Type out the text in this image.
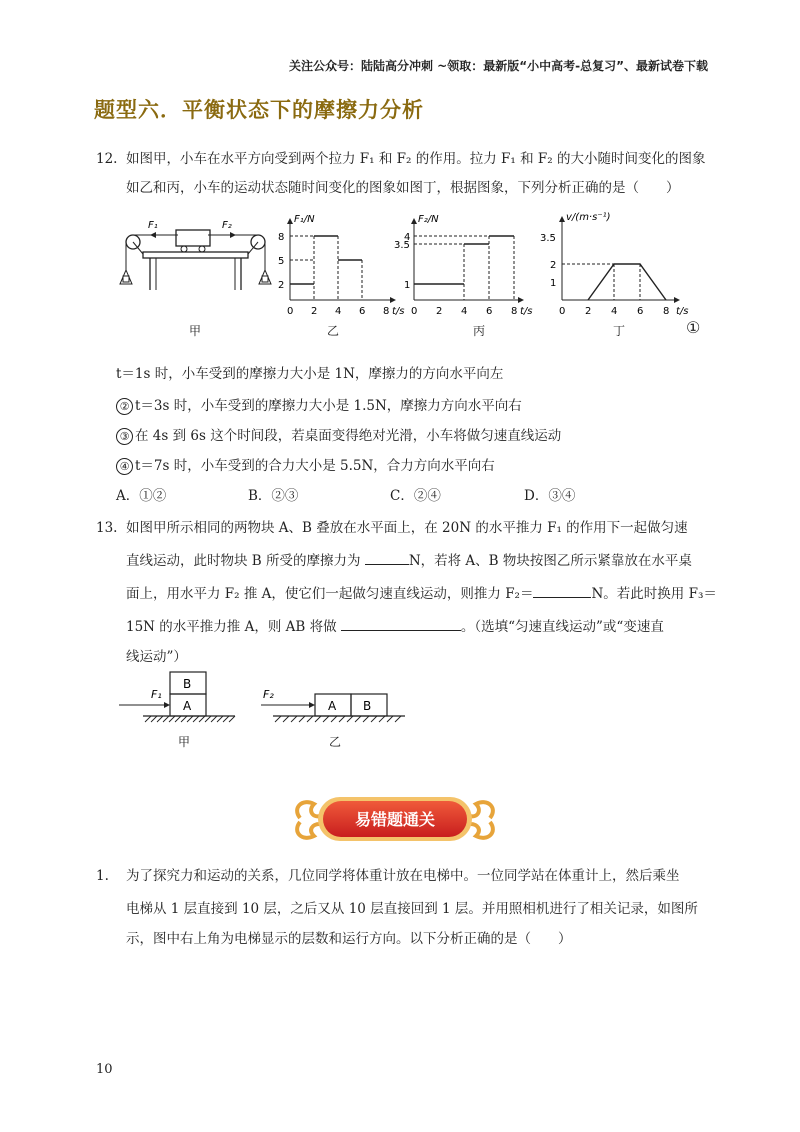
关注公众号：陆陆高分冲刺 ~领取：最新版“小中高考-总复习”、最新试卷下载
题型六．平衡状态下的摩擦力分析
12. 如图甲，小车在水平方向受到两个拉力 F₁ 和 F₂ 的作用。拉力 F₁ 和 F₂ 的大小随时间变化的图象
如乙和丙，小车的运动状态随时间变化的图象如图丁，根据图象，下列分析正确的是（　　）
F₁	F₂
甲
F₁/N
t/s
0 2 4 6 8
8
5
2
乙
F₂/N
t/s
0 2 4 6 8
4
3.5
1
丙
v/(m·s⁻¹)
t/s
0 2 4 6 8
3.5
2
1
丁	①
t＝1s 时，小车受到的摩擦力大小是 1N，摩擦力的方向水平向左
② t＝3s 时，小车受到的摩擦力大小是 1.5N，摩擦力方向水平向右
③ 在 4s 到 6s 这个时间段，若桌面变得绝对光滑，小车将做匀速直线运动
④ t＝7s 时，小车受到的合力大小是 5.5N，合力方向水平向右
A．①②	B．②③	C．②④	D．③④
13. 如图甲所示相同的两物块 A、B 叠放在水平面上，在 20N 的水平推力 F₁ 的作用下一起做匀速
直线运动，此时物块 B 所受的摩擦力为	N，若将 A、B 物块按图乙所示紧靠放在水平桌
面上，用水平力 F₂ 推 A，使它们一起做匀速直线运动，则推力 F₂＝	N。若此时换用 F₃＝
15N 的水平推力推 A，则 AB 将做	。（选填“匀速直线运动”或“变速直
线运动”）
B
A
F₁
甲
A B
F₂
乙
易错题通关
1. 为了探究力和运动的关系，几位同学将体重计放在电梯中。一位同学站在体重计上，然后乘坐
电梯从 1 层直接到 10 层，之后又从 10 层直接回到 1 层。并用照相机进行了相关记录，如图所
示，图中右上角为电梯显示的层数和运行方向。以下分析正确的是（　　）
10
